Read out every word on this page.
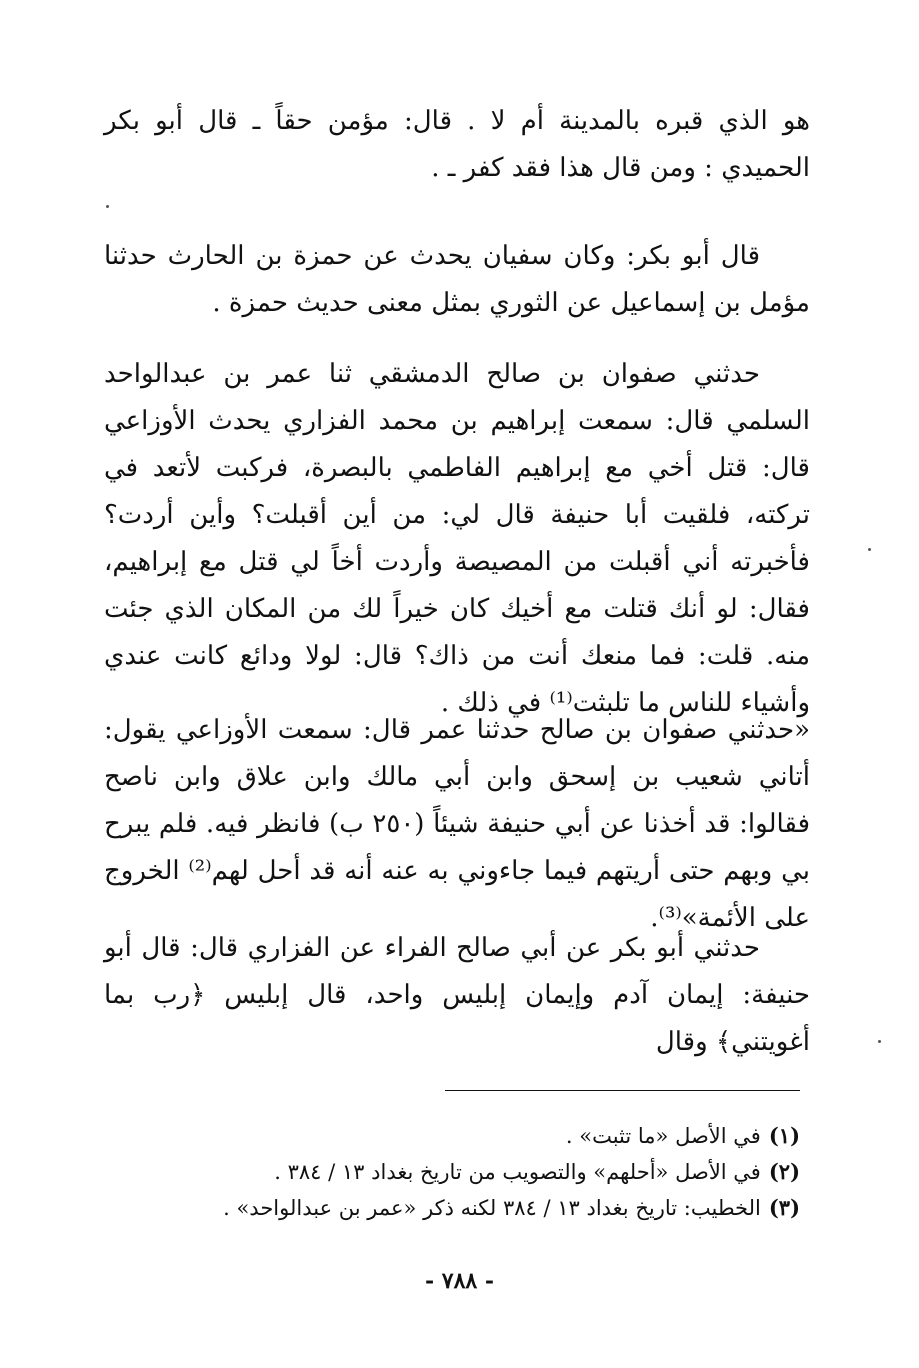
هو الذي قبره بالمدينة أم لا . قال: مؤمن حقاً ـ قال أبو بكر الحميدي : ومن قال هذا فقد كفر ـ .

قال أبو بكر: وكان سفيان يحدث عن حمزة بن الحارث حدثنا مؤمل بن إسماعيل عن الثوري بمثل معنى حديث حمزة .

حدثني صفوان بن صالح الدمشقي ثنا عمر بن عبدالواحد السلمي قال: سمعت إبراهيم بن محمد الفزاري يحدث الأوزاعي قال: قتل أخي مع إبراهيم الفاطمي بالبصرة، فركبت لأتعد في تركته، فلقيت أبا حنيفة قال لي: من أين أقبلت؟ وأين أردت؟ فأخبرته أني أقبلت من المصيصة وأردت أخاً لي قتل مع إبراهيم، فقال: لو أنك قتلت مع أخيك كان خيراً لك من المكان الذي جئت منه. قلت: فما منعك أنت من ذاك؟ قال: لولا ودائع كانت عندي وأشياء للناس ما تلبثت⁽¹⁾ في ذلك .

«حدثني صفوان بن صالح حدثنا عمر قال: سمعت الأوزاعي يقول: أتاني شعيب بن إسحق وابن أبي مالك وابن علاق وابن ناصح فقالوا: قد أخذنا عن أبي حنيفة شيئاً (٢٥٠ ب) فانظر فيه. فلم يبرح بي وبهم حتى أريتهم فيما جاءوني به عنه أنه قد أحل لهم⁽²⁾ الخروج على الأئمة»⁽³⁾.

حدثني أبو بكر عن أبي صالح الفراء عن الفزاري قال: قال أبو حنيفة: إيمان آدم وإيمان إبليس واحد، قال إبليس ﴿رب بما أغويتني﴾ وقال

(١)في الأصل «ما تثبت» .
(٢)في الأصل «أحلهم» والتصويب من تاريخ بغداد ١٣ / ٣٨٤ .
(٣)الخطيب: تاريخ بغداد ١٣ / ٣٨٤ لكنه ذكر «عمر بن عبدالواحد» .
- ٧٨٨ -
